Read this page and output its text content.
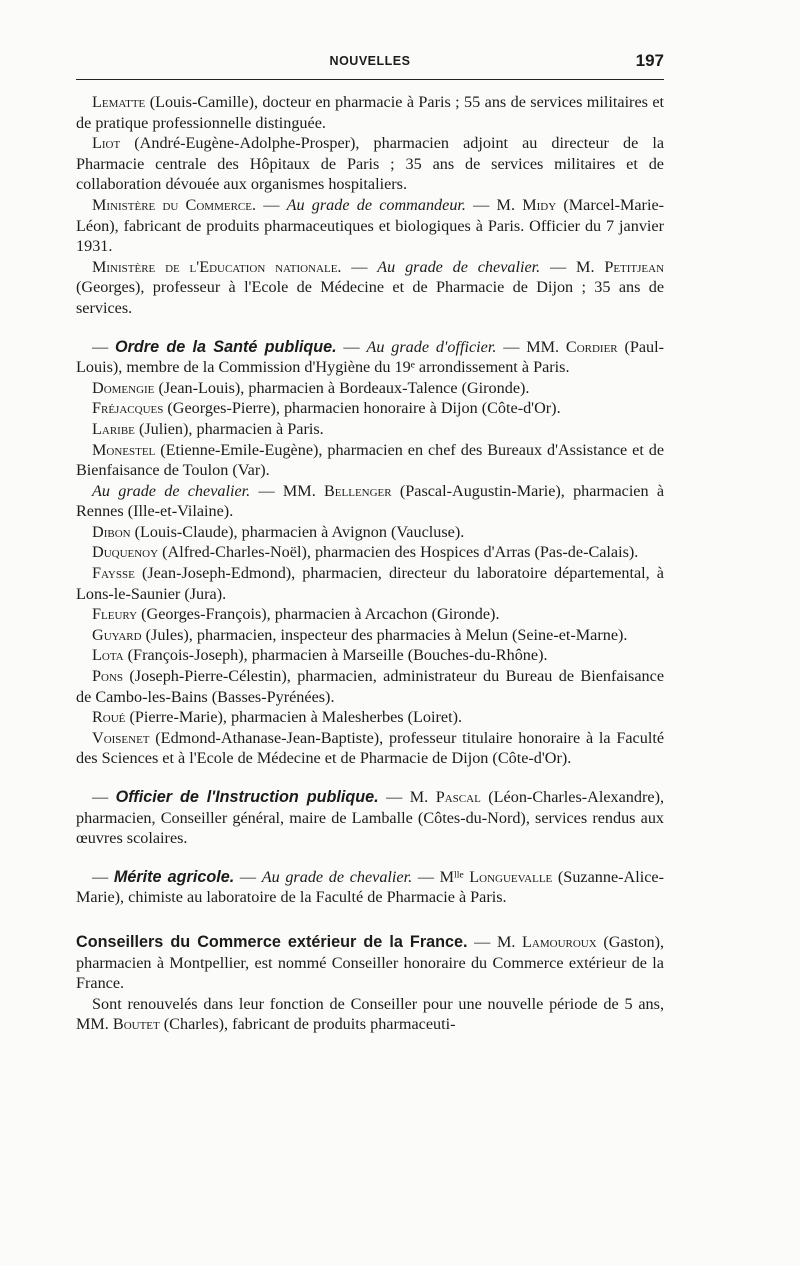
NOUVELLES	197

Lematte (Louis-Camille), docteur en pharmacie à Paris ; 55 ans de services militaires et de pratique professionnelle distinguée.

Liot (André-Eugène-Adolphe-Prosper), pharmacien adjoint au directeur de la Pharmacie centrale des Hôpitaux de Paris ; 35 ans de services militaires et de collaboration dévouée aux organismes hospitaliers.

Ministère du Commerce. — Au grade de commandeur. — M. Midy (Marcel-Marie-Léon), fabricant de produits pharmaceutiques et biologiques à Paris. Officier du 7 janvier 1931.

Ministère de l'Education nationale. — Au grade de chevalier. — M. Petitjean (Georges), professeur à l'Ecole de Médecine et de Pharmacie de Dijon ; 35 ans de services.

— Ordre de la Santé publique. — Au grade d'officier. — MM. Cordier (Paul-Louis), membre de la Commission d'Hygiène du 19ᵉ arrondissement à Paris.

Domengie (Jean-Louis), pharmacien à Bordeaux-Talence (Gironde).

Fréjacques (Georges-Pierre), pharmacien honoraire à Dijon (Côte-d'Or).

Laribe (Julien), pharmacien à Paris.

Monestel (Etienne-Emile-Eugène), pharmacien en chef des Bureaux d'Assistance et de Bienfaisance de Toulon (Var).

Au grade de chevalier. — MM. Bellenger (Pascal-Augustin-Marie), pharmacien à Rennes (Ille-et-Vilaine).

Dibon (Louis-Claude), pharmacien à Avignon (Vaucluse).

Duquenoy (Alfred-Charles-Noël), pharmacien des Hospices d'Arras (Pas-de-Calais).

Faysse (Jean-Joseph-Edmond), pharmacien, directeur du laboratoire départemental, à Lons-le-Saunier (Jura).

Fleury (Georges-François), pharmacien à Arcachon (Gironde).

Guyard (Jules), pharmacien, inspecteur des pharmacies à Melun (Seine-et-Marne).

Lota (François-Joseph), pharmacien à Marseille (Bouches-du-Rhône).

Pons (Joseph-Pierre-Célestin), pharmacien, administrateur du Bureau de Bienfaisance de Cambo-les-Bains (Basses-Pyrénées).

Roué (Pierre-Marie), pharmacien à Malesherbes (Loiret).

Voisenet (Edmond-Athanase-Jean-Baptiste), professeur titulaire honoraire à la Faculté des Sciences et à l'Ecole de Médecine et de Pharmacie de Dijon (Côte-d'Or).

— Officier de l'Instruction publique. — M. Pascal (Léon-Charles-Alexandre), pharmacien, Conseiller général, maire de Lamballe (Côtes-du-Nord), services rendus aux œuvres scolaires.

— Mérite agricole. — Au grade de chevalier. — Mˡˡᵉ Longuevalle (Suzanne-Alice-Marie), chimiste au laboratoire de la Faculté de Pharmacie à Paris.

Conseillers du Commerce extérieur de la France. — M. Lamouroux (Gaston), pharmacien à Montpellier, est nommé Conseiller honoraire du Commerce extérieur de la France.

Sont renouvelés dans leur fonction de Conseiller pour une nouvelle période de 5 ans, MM. Boutet (Charles), fabricant de produits pharmaceuti-
